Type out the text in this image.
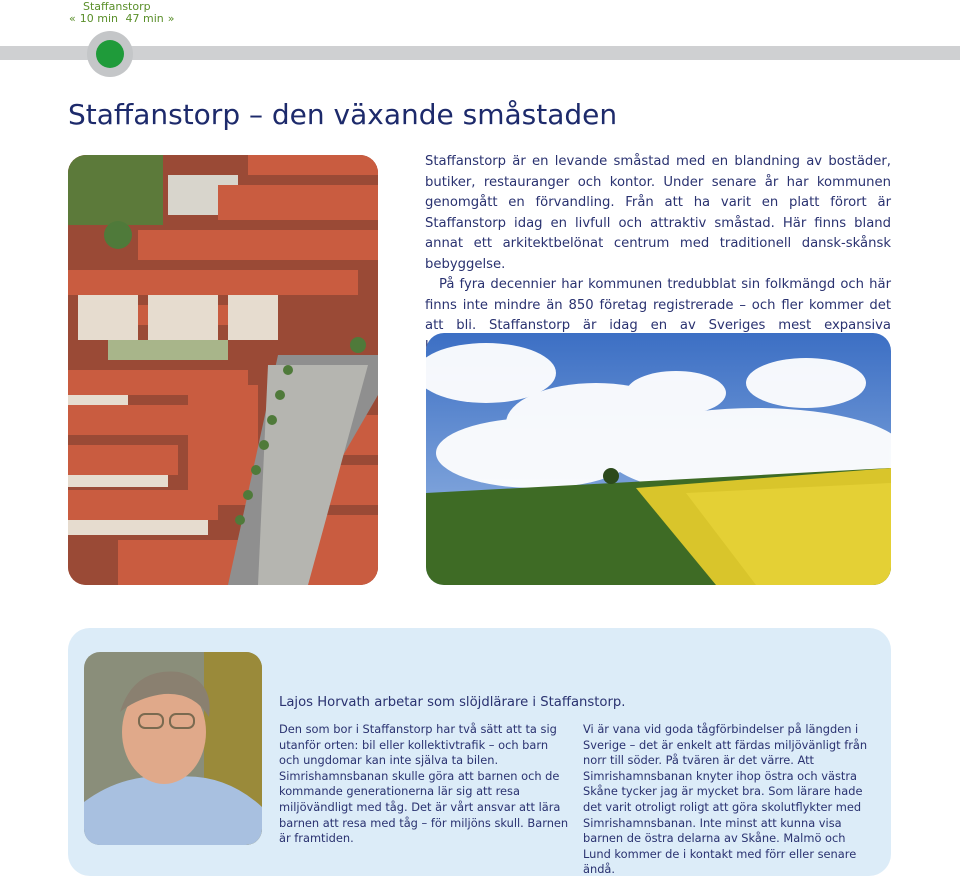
Staffanstorp
« 10 min 47 min »
Staffanstorp – den växande småstaden

Staffanstorp är en levande småstad med en blandning av bostäder, butiker, restauranger och kontor. Under senare år har kommunen genomgått en förvandling. Från att ha varit en platt förort är Staffanstorp idag en livfull och attraktiv småstad. Här finns bland annat ett arkitektbelönat centrum med traditionell dansk-skånsk bebyggelse.

På fyra decennier har kommunen tredubblat sin folkmängd och här finns inte mindre än 850 företag registrerade – och fler kommer det att bli. Staffanstorp är idag en av Sveriges mest expansiva

Lajos Horvath arbetar som slöjdlärare i Staffanstorp.

Den som bor i Staffanstorp har två sätt att ta sig utanför orten: bil eller kollektivtrafik – och barn och ungdomar kan inte själva ta bilen. Simrishamnsbanan skulle göra att barnen och de kommande generationerna lär sig att resa miljövändligt med tåg. Det är vårt ansvar att lära barnen att resa med tåg – för miljöns skull. Barnen är framtiden.

Vi är vana vid goda tågförbindelser på längden i Sverige – det är enkelt att färdas miljövänligt från norr till söder. På tvären är det värre. Att Simrishamnsbanan knyter ihop östra och västra Skåne tycker jag är mycket bra. Som lärare hade det varit otroligt roligt att göra skolutflykter med Simrishamnsbanan. Inte minst att kunna visa barnen de östra delarna av Skåne. Malmö och Lund kommer de i kontakt med förr eller senare ändå.
